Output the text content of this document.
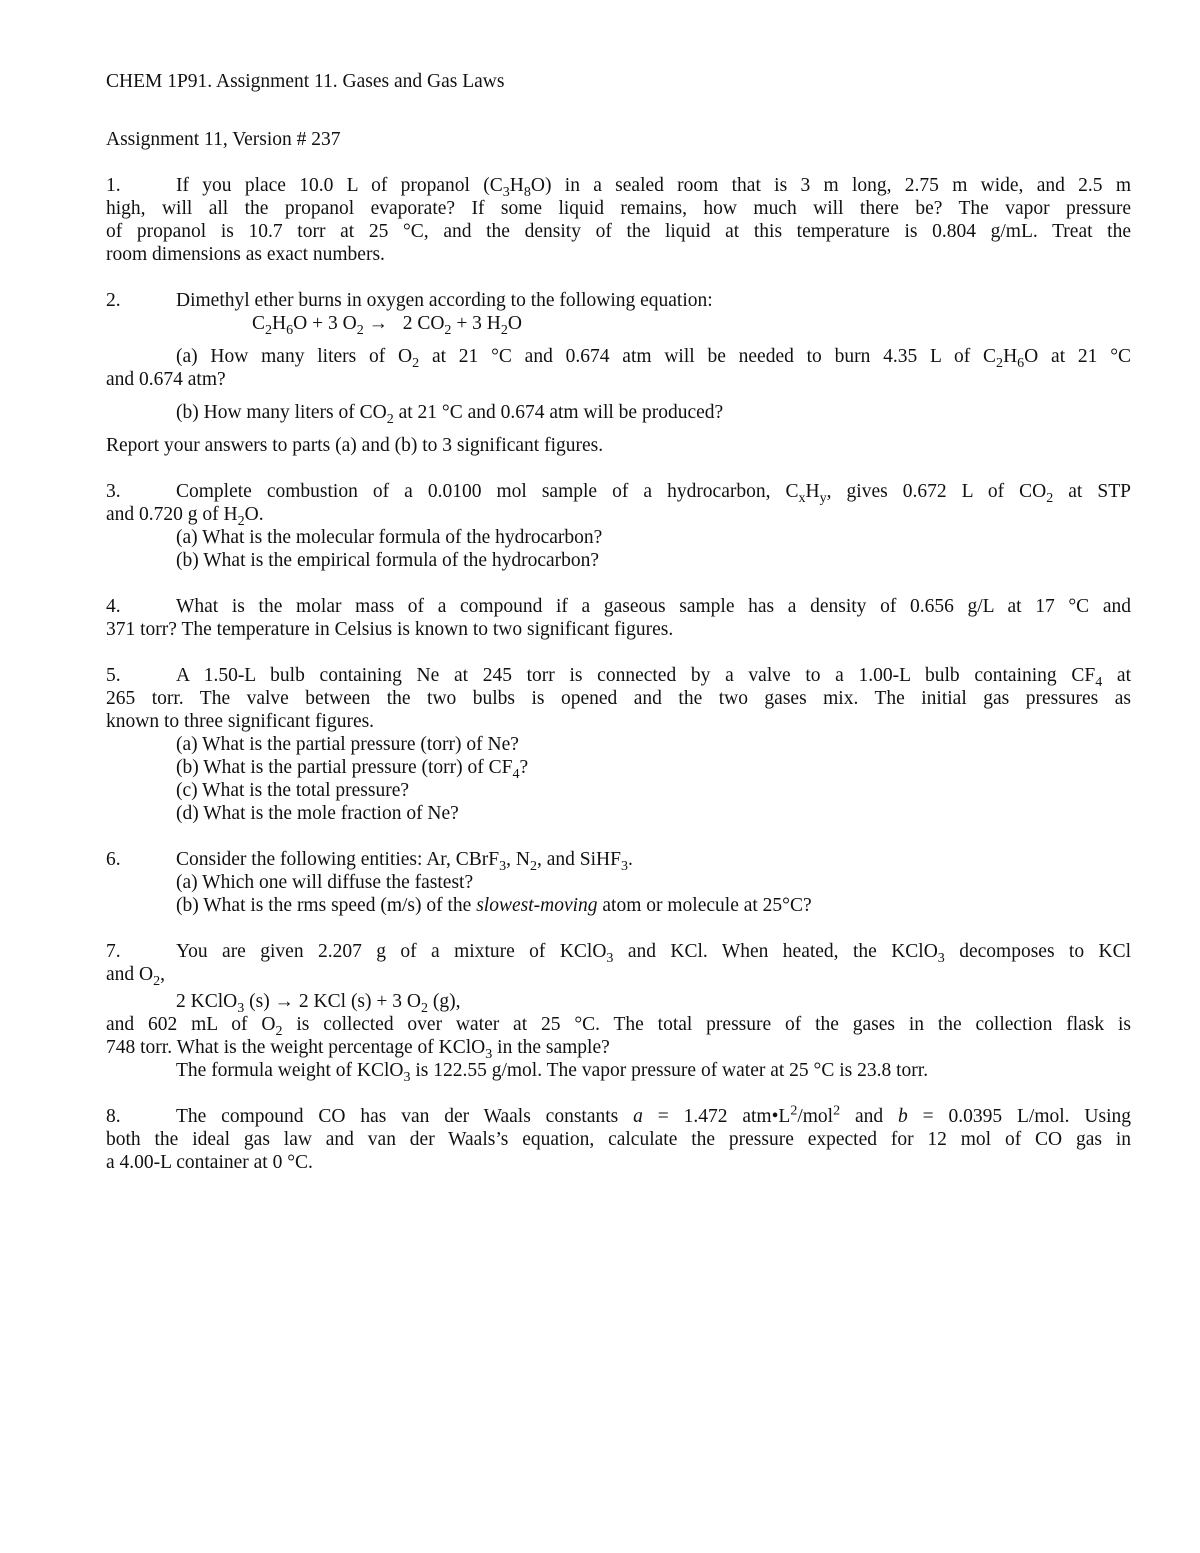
CHEM 1P91. Assignment 11. Gases and Gas Laws
Assignment 11, Version # 237
1.	If you place 10.0 L of propanol $(C_3H_8O)$ in a sealed room that is 3 m long, 2.75 m wide, and 2.5 m
high, will all the propanol evaporate? If some liquid remains, how much will there be? The vapor pressure
of propanol is 10.7 torr at 25 °C, and the density of the liquid at this temperature is 0.804 g/mL. Treat the
room dimensions as exact numbers.
2.	Dimethyl ether burns in oxygen according to the following equation:
$C_2H_6O + 3$ $O_2 \to 2$ $CO_2 + 3$ $H_2O$
(a) How many liters of $O_2$ at 21 °C and 0.674 atm will be needed to burn 4.35 L of $C_2H_6O$ at 21 °C
and 0.674 atm?
(b) How many liters of $CO_2$ at 21 °C and 0.674 atm will be produced?
Report your answers to parts (a) and (b) to 3 significant figures.
3.	Complete combustion of a 0.0100 mol sample of a hydrocarbon, $C_xH_y$, gives 0.672 L of $CO_2$ at STP
and 0.720 g of $H_2O$.
(a) What is the molecular formula of the hydrocarbon?
(b) What is the empirical formula of the hydrocarbon?
4.	What is the molar mass of a compound if a gaseous sample has a density of 0.656 g/L at 17 °C and
371 torr? The temperature in Celsius is known to two significant figures.
5.	A 1.50-L bulb containing Ne at 245 torr is connected by a valve to a 1.00-L bulb containing $CF_4$ at
265 torr. The valve between the two bulbs is opened and the two gases mix. The initial gas pressures as
known to three significant figures.
(a) What is the partial pressure (torr) of Ne?
(b) What is the partial pressure (torr) of $CF_4$?
(c) What is the total pressure?
(d) What is the mole fraction of Ne?
6.	Consider the following entities: Ar, CBrF$_3$, $N_2$, and SiHF$_3$.
(a) Which one will diffuse the fastest?
(b) What is the rms speed (m/s) of the slowest-moving atom or molecule at 25°C?
7.	You are given 2.207 g of a mixture of KClO$_3$ and KCl. When heated, the KClO$_3$ decomposes to KCl
and $O_2$,
2 KClO$_3$ (s) → 2 KCl (s) + 3 $O_2$ (g),
and 602 mL of $O_2$ is collected over water at 25 °C. The total pressure of the gases in the collection flask is
748 torr. What is the weight percentage of KClO$_3$ in the sample?
The formula weight of KClO$_3$ is 122.55 g/mol. The vapor pressure of water at 25 °C is 23.8 torr.
8.	The compound CO has van der Waals constants a = 1.472 $atm•L^2/mol^2$ and b = 0.0395 L/mol. Using
both the ideal gas law and van der Waals’s equation, calculate the pressure expected for 12 mol of CO gas in
a 4.00-L container at 0 °C.
